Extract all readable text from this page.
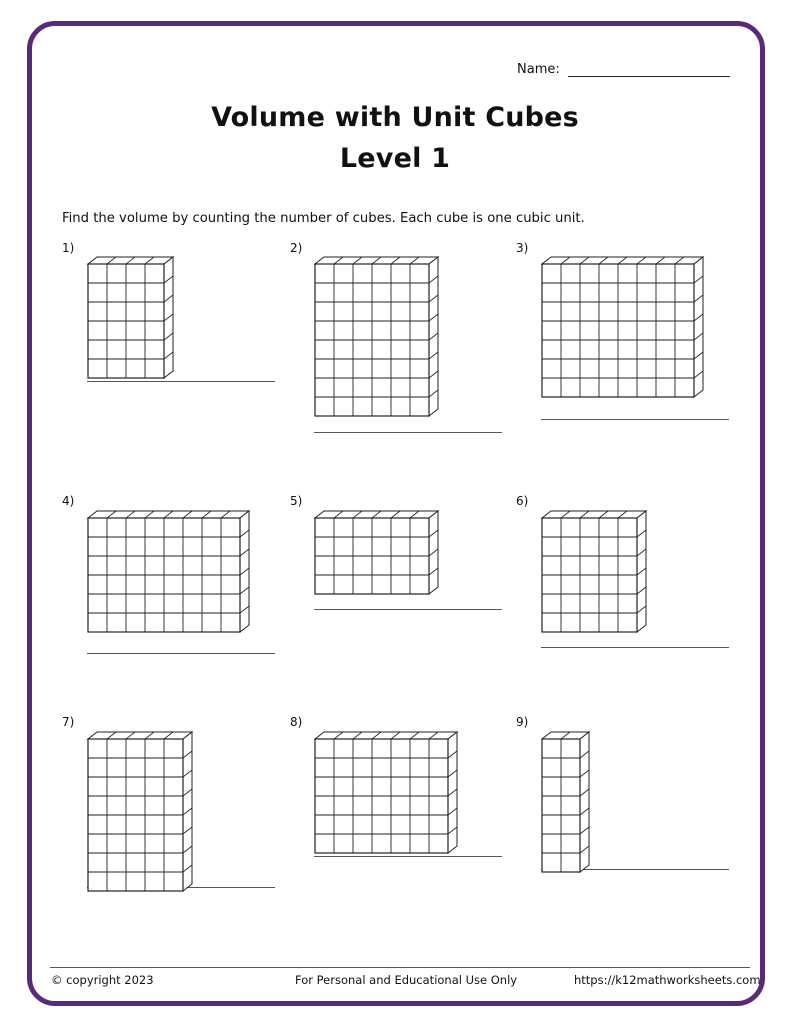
Name:
Volume with Unit Cubes
Level 1
Find the volume by counting the number of cubes. Each cube is one cubic unit.
1)	2)	3)
4)	5)	6)
7)	8)	9)
© copyright 2023	For Personal and Educational Use Only	https://k12mathworksheets.com
